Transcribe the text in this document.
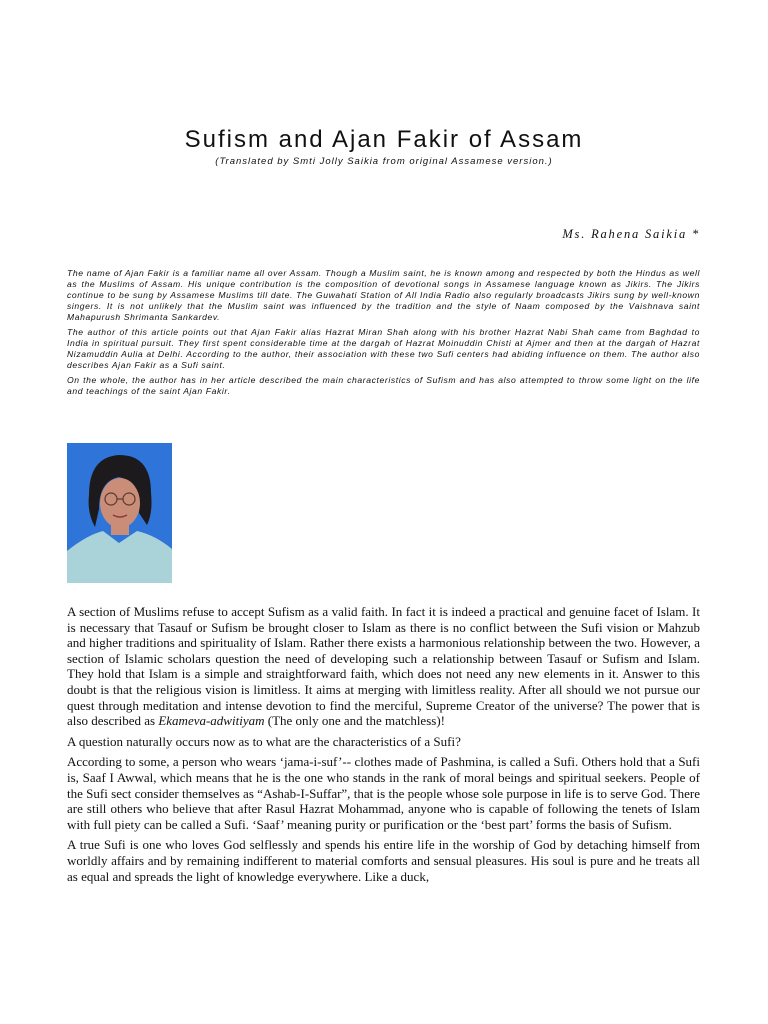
Sufism and Ajan Fakir of Assam

(Translated by Smti Jolly Saikia from original Assamese version.)

Ms. Rahena Saikia *

The name of Ajan Fakir is a familiar name all over Assam. Though a Muslim saint, he is known among and respected by both the Hindus as well as the Muslims of Assam. His unique contribution is the composition of devotional songs in Assamese language known as Jikirs. The Jikirs continue to be sung by Assamese Muslims till date. The Guwahati Station of All India Radio also regularly broadcasts Jikirs sung by well-known singers. It is not unlikely that the Muslim saint was influenced by the tradition and the style of Naam composed by the Vaishnava saint Mahapurush Shrimanta Sankardev.

The author of this article points out that Ajan Fakir alias Hazrat Miran Shah along with his brother Hazrat Nabi Shah came from Baghdad to India in spiritual pursuit. They first spent considerable time at the dargah of Hazrat Moinuddin Chisti at Ajmer and then at the dargah of Hazrat Nizamuddin Aulia at Delhi. According to the author, their association with these two Sufi centers had abiding influence on them. The author also describes Ajan Fakir as a Sufi saint.

On the whole, the author has in her article described the main characteristics of Sufism and has also attempted to throw some light on the life and teachings of the saint Ajan Fakir.

A section of Muslims refuse to accept Sufism as a valid faith. In fact it is indeed a practical and genuine facet of Islam. It is necessary that Tasauf or Sufism be brought closer to Islam as there is no conflict between the Sufi vision or Mahzub and higher traditions and spirituality of Islam. Rather there exists a harmonious relationship between the two. However, a section of Islamic scholars question the need of developing such a relationship between Tasauf or Sufism and Islam. They hold that Islam is a simple and straightforward faith, which does not need any new elements in it. Answer to this doubt is that the religious vision is limitless. It aims at merging with limitless reality. After all should we not pursue our quest through meditation and intense devotion to find the merciful, Supreme Creator of the universe? The power that is also described as Ekameva-adwitiyam (The only one and the matchless)!

A question naturally occurs now as to what are the characteristics of a Sufi?

According to some, a person who wears ‘jama-i-suf’-- clothes made of Pashmina, is called a Sufi. Others hold that a Sufi is, Saaf I Awwal, which means that he is the one who stands in the rank of moral beings and spiritual seekers. People of the Sufi sect consider themselves as “Ashab-I-Suffar”, that is the people whose sole purpose in life is to serve God. There are still others who believe that after Rasul Hazrat Mohammad, anyone who is capable of following the tenets of Islam with full piety can be called a Sufi. ‘Saaf’ meaning purity or purification or the ‘best part’ forms the basis of Sufism.

A true Sufi is one who loves God selflessly and spends his entire life in the worship of God by detaching himself from worldly affairs and by remaining indifferent to material comforts and sensual pleasures. His soul is pure and he treats all as equal and spreads the light of knowledge everywhere. Like a duck,
